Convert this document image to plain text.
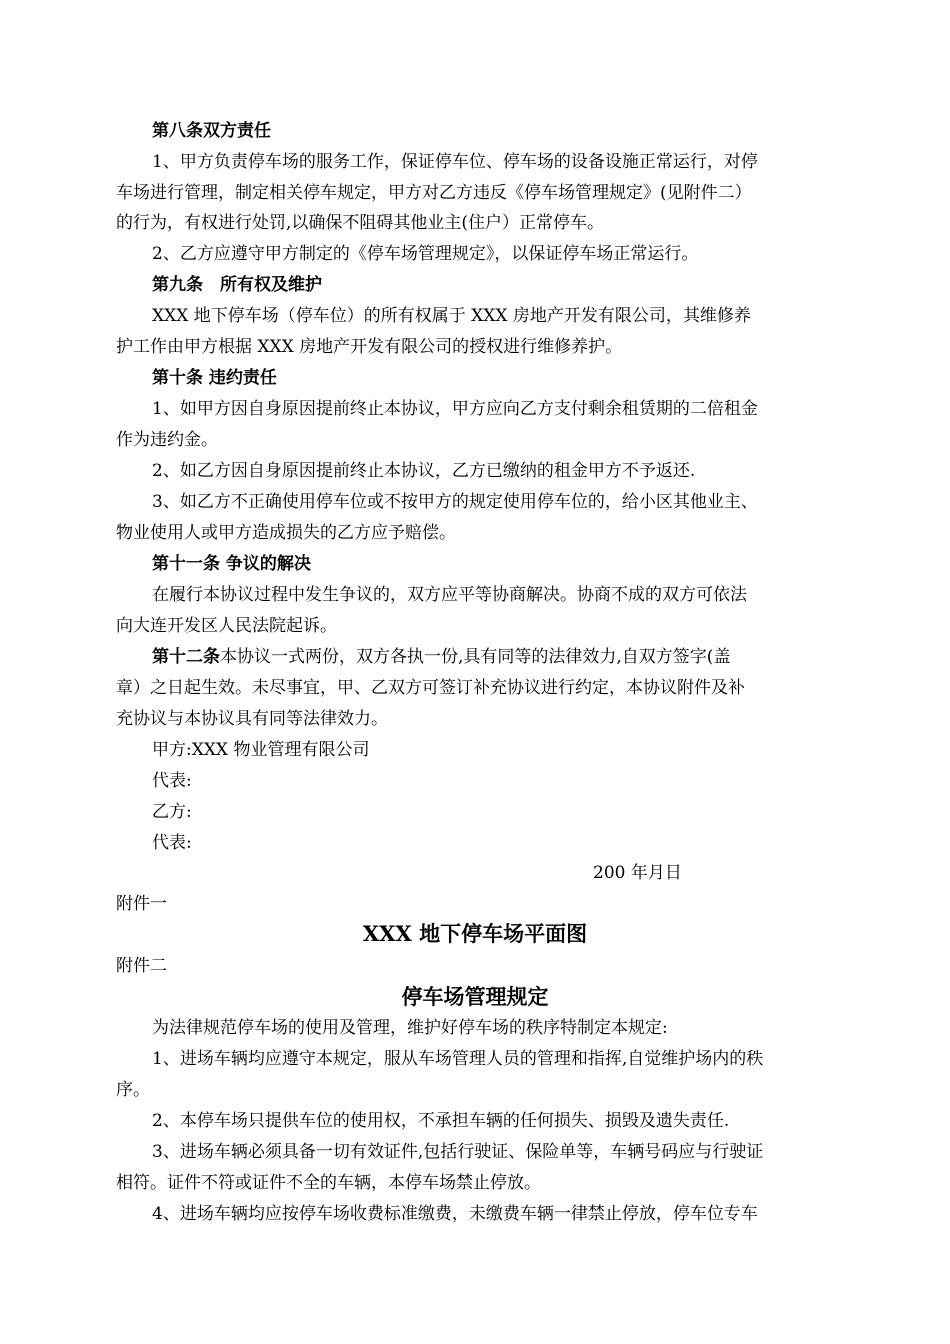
第八条双方责任
1、甲方负责停车场的服务工作，保证停车位、停车场的设备设施正常运行，对停
车场进行管理，制定相关停车规定，甲方对乙方违反《停车场管理规定》(见附件二）
的行为，有权进行处罚,以确保不阻碍其他业主(住户）正常停车。
2、乙方应遵守甲方制定的《停车场管理规定》，以保证停车场正常运行。
第九条　所有权及维护
XXX 地下停车场（停车位）的所有权属于 XXX 房地产开发有限公司，其维修养
护工作由甲方根据 XXX 房地产开发有限公司的授权进行维修养护。
第十条 违约责任
1、如甲方因自身原因提前终止本协议，甲方应向乙方支付剩余租赁期的二倍租金
作为违约金。
2、如乙方因自身原因提前终止本协议，乙方已缴纳的租金甲方不予返还.
3、如乙方不正确使用停车位或不按甲方的规定使用停车位的，给小区其他业主、
物业使用人或甲方造成损失的乙方应予赔偿。
第十一条 争议的解决
在履行本协议过程中发生争议的，双方应平等协商解决。协商不成的双方可依法
向大连开发区人民法院起诉。
第十二条本协议一式两份，双方各执一份,具有同等的法律效力,自双方签字(盖
章）之日起生效。未尽事宜，甲、乙双方可签订补充协议进行约定，本协议附件及补
充协议与本协议具有同等法律效力。
甲方:XXX 物业管理有限公司
代表:
乙方:
代表:
200 年月日
附件一
XXX 地下停车场平面图
附件二
停车场管理规定
为法律规范停车场的使用及管理，维护好停车场的秩序特制定本规定:
1、进场车辆均应遵守本规定，服从车场管理人员的管理和指挥,自觉维护场内的秩
序。
2、本停车场只提供车位的使用权，不承担车辆的任何损失、损毁及遗失责任.
3、进场车辆必须具备一切有效证件,包括行驶证、保险单等，车辆号码应与行驶证
相符。证件不符或证件不全的车辆，本停车场禁止停放。
4、进场车辆均应按停车场收费标准缴费，未缴费车辆一律禁止停放，停车位专车
